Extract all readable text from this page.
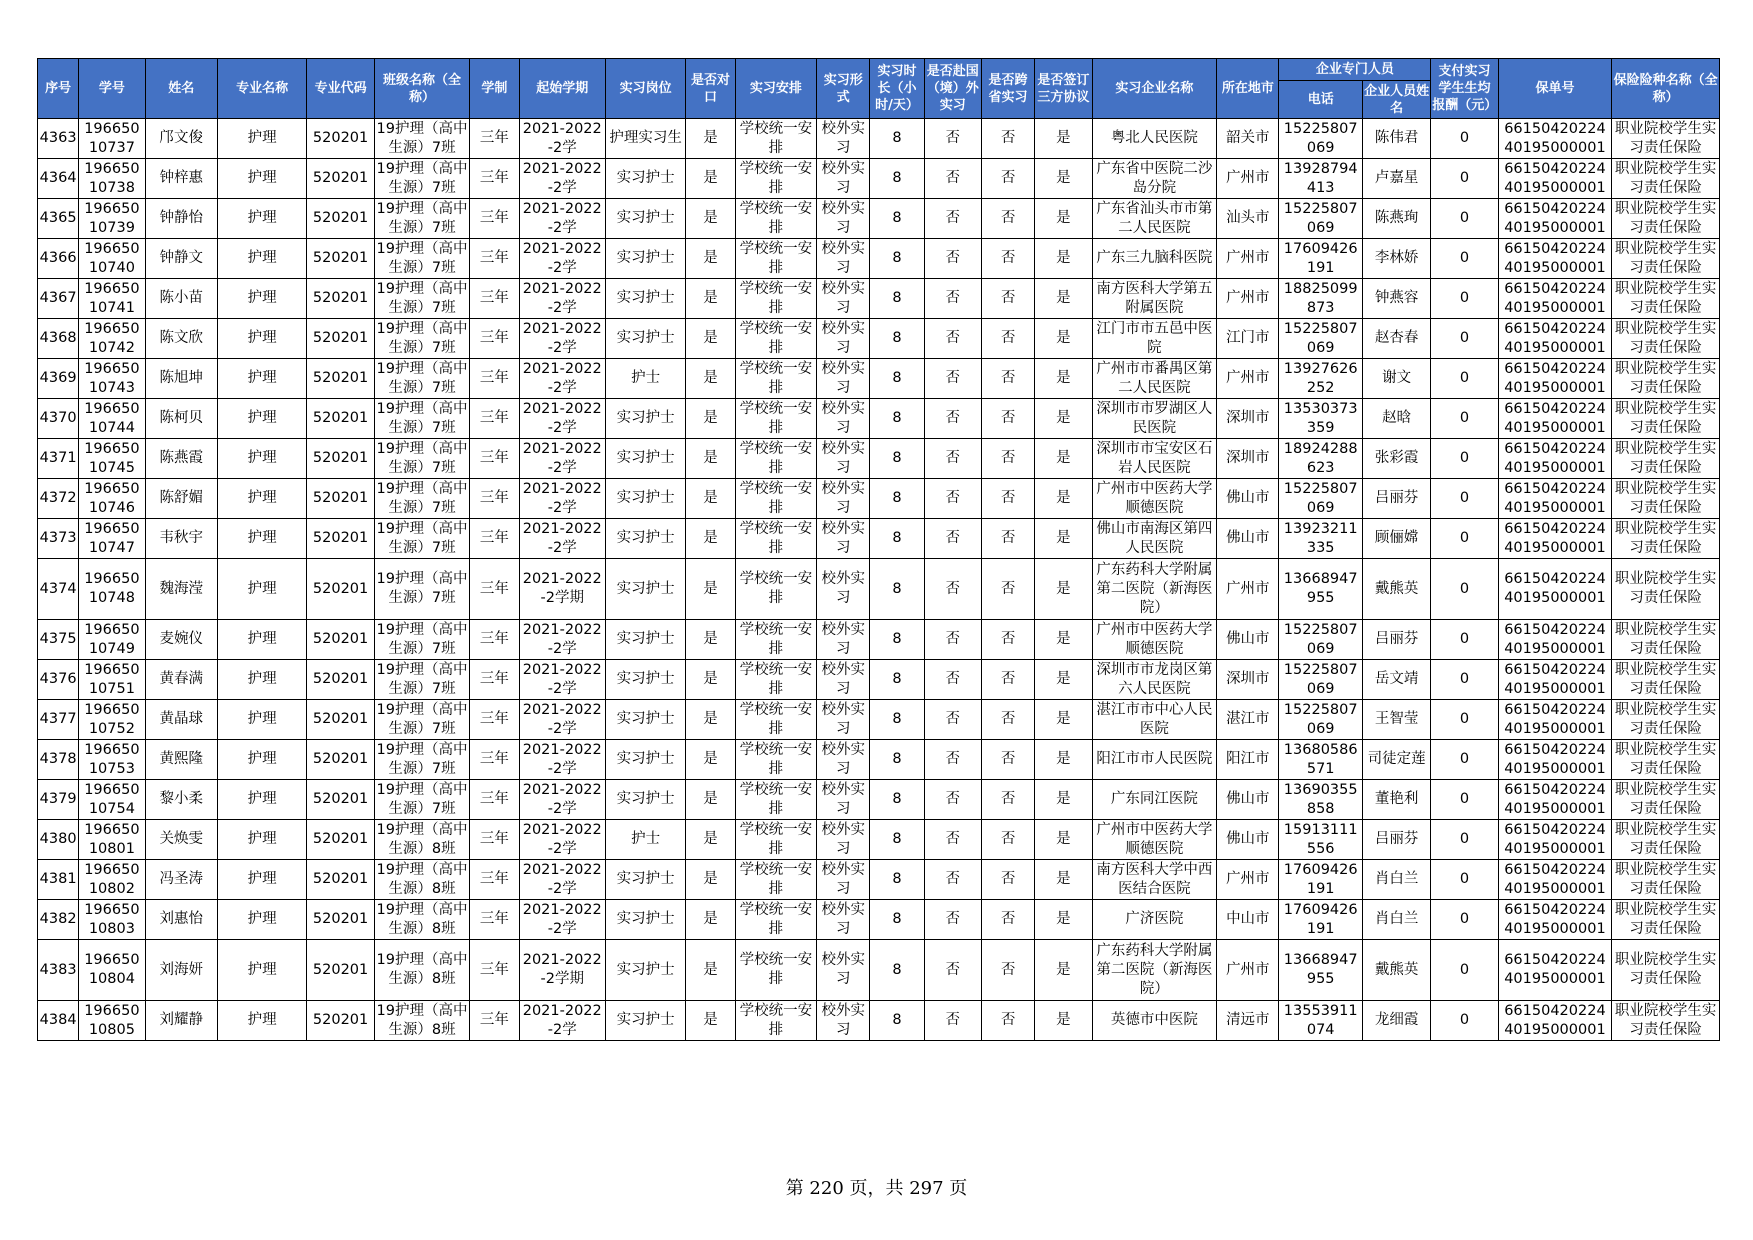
序号	学号	姓名	专业名称	专业代码	班级名称（全称）	学制	起始学期	实习岗位	是否对口	实习安排	实习形式	实习时长（小时/天）	是否赴国（境）外实习	是否跨省实习	是否签订三方协议	实习企业名称	所在地市	企业专门人员		支付实习学生生均报酬（元）	保单号	保险险种名称（全称）
																		电话	企业人员姓名			

4363	19665010737	邝文俊	护理	520201	19护理（高中生源）7班	三年	2021-2022-2学	护理实习生	是	学校统一安排	校外实习	8	否	否	是	粤北人民医院	韶关市	15225807069	陈伟君	0	6615042022440195000001	职业院校学生实习责任保险

4364	19665010738	钟梓惠	护理	520201	19护理（高中生源）7班	三年	2021-2022-2学	实习护士	是	学校统一安排	校外实习	8	否	否	是	广东省中医院二沙岛分院	广州市	13928794413	卢嘉星	0	6615042022440195000001	职业院校学生实习责任保险

4365	19665010739	钟静怡	护理	520201	19护理（高中生源）7班	三年	2021-2022-2学	实习护士	是	学校统一安排	校外实习	8	否	否	是	广东省汕头市市第二人民医院	汕头市	15225807069	陈燕珣	0	6615042022440195000001	职业院校学生实习责任保险

4366	19665010740	钟静文	护理	520201	19护理（高中生源）7班	三年	2021-2022-2学	实习护士	是	学校统一安排	校外实习	8	否	否	是	广东三九脑科医院	广州市	17609426191	李林娇	0	6615042022440195000001	职业院校学生实习责任保险

4367	19665010741	陈小苗	护理	520201	19护理（高中生源）7班	三年	2021-2022-2学	实习护士	是	学校统一安排	校外实习	8	否	否	是	南方医科大学第五附属医院	广州市	18825099873	钟燕容	0	6615042022440195000001	职业院校学生实习责任保险

4368	19665010742	陈文欣	护理	520201	19护理（高中生源）7班	三年	2021-2022-2学	实习护士	是	学校统一安排	校外实习	8	否	否	是	江门市市五邑中医院	江门市	15225807069	赵杏春	0	6615042022440195000001	职业院校学生实习责任保险

4369	19665010743	陈旭坤	护理	520201	19护理（高中生源）7班	三年	2021-2022-2学	护士	是	学校统一安排	校外实习	8	否	否	是	广州市市番禺区第二人民医院	广州市	13927626252	谢文	0	6615042022440195000001	职业院校学生实习责任保险

4370	19665010744	陈柯贝	护理	520201	19护理（高中生源）7班	三年	2021-2022-2学	实习护士	是	学校统一安排	校外实习	8	否	否	是	深圳市市罗湖区人民医院	深圳市	13530373359	赵晗	0	6615042022440195000001	职业院校学生实习责任保险

4371	19665010745	陈燕霞	护理	520201	19护理（高中生源）7班	三年	2021-2022-2学	实习护士	是	学校统一安排	校外实习	8	否	否	是	深圳市市宝安区石岩人民医院	深圳市	18924288623	张彩霞	0	6615042022440195000001	职业院校学生实习责任保险

4372	19665010746	陈舒媚	护理	520201	19护理（高中生源）7班	三年	2021-2022-2学	实习护士	是	学校统一安排	校外实习	8	否	否	是	广州市中医药大学顺德医院	佛山市	15225807069	吕丽芬	0	6615042022440195000001	职业院校学生实习责任保险

4373	19665010747	韦秋宇	护理	520201	19护理（高中生源）7班	三年	2021-2022-2学	实习护士	是	学校统一安排	校外实习	8	否	否	是	佛山市南海区第四人民医院	佛山市	13923211335	顾俪嫦	0	6615042022440195000001	职业院校学生实习责任保险

4374	19665010748	魏海滢	护理	520201	19护理（高中生源）7班	三年	2021-2022-2学期	实习护士	是	学校统一安排	校外实习	8	否	否	是	广东药科大学附属第二医院（新海医院）	广州市	13668947955	戴熊英	0	6615042022440195000001	职业院校学生实习责任保险

4375	19665010749	麦婉仪	护理	520201	19护理（高中生源）7班	三年	2021-2022-2学	实习护士	是	学校统一安排	校外实习	8	否	否	是	广州市中医药大学顺德医院	佛山市	15225807069	吕丽芬	0	6615042022440195000001	职业院校学生实习责任保险

4376	19665010751	黄春满	护理	520201	19护理（高中生源）7班	三年	2021-2022-2学	实习护士	是	学校统一安排	校外实习	8	否	否	是	深圳市市龙岗区第六人民医院	深圳市	15225807069	岳文靖	0	6615042022440195000001	职业院校学生实习责任保险

4377	19665010752	黄晶球	护理	520201	19护理（高中生源）7班	三年	2021-2022-2学	实习护士	是	学校统一安排	校外实习	8	否	否	是	湛江市市中心人民医院	湛江市	15225807069	王智莹	0	6615042022440195000001	职业院校学生实习责任保险

4378	19665010753	黄熙隆	护理	520201	19护理（高中生源）7班	三年	2021-2022-2学	实习护士	是	学校统一安排	校外实习	8	否	否	是	阳江市市人民医院	阳江市	13680586571	司徒定莲	0	6615042022440195000001	职业院校学生实习责任保险

4379	19665010754	黎小柔	护理	520201	19护理（高中生源）7班	三年	2021-2022-2学	实习护士	是	学校统一安排	校外实习	8	否	否	是	广东同江医院	佛山市	13690355858	董艳利	0	6615042022440195000001	职业院校学生实习责任保险

4380	19665010801	关焕雯	护理	520201	19护理（高中生源）8班	三年	2021-2022-2学	护士	是	学校统一安排	校外实习	8	否	否	是	广州市中医药大学顺德医院	佛山市	15913111556	吕丽芬	0	6615042022440195000001	职业院校学生实习责任保险

4381	19665010802	冯圣涛	护理	520201	19护理（高中生源）8班	三年	2021-2022-2学	实习护士	是	学校统一安排	校外实习	8	否	否	是	南方医科大学中西医结合医院	广州市	17609426191	肖白兰	0	6615042022440195000001	职业院校学生实习责任保险

4382	19665010803	刘惠怡	护理	520201	19护理（高中生源）8班	三年	2021-2022-2学	实习护士	是	学校统一安排	校外实习	8	否	否	是	广济医院	中山市	17609426191	肖白兰	0	6615042022440195000001	职业院校学生实习责任保险

4383	19665010804	刘海妍	护理	520201	19护理（高中生源）8班	三年	2021-2022-2学期	实习护士	是	学校统一安排	校外实习	8	否	否	是	广东药科大学附属第二医院（新海医院）	广州市	13668947955	戴熊英	0	6615042022440195000001	职业院校学生实习责任保险

4384	19665010805	刘耀静	护理	520201	19护理（高中生源）8班	三年	2021-2022-2学	实习护士	是	学校统一安排	校外实习	8	否	否	是	英德市中医院	清远市	13553911074	龙细霞	0	6615042022440195000001	职业院校学生实习责任保险
第 220 页，共 297 页
